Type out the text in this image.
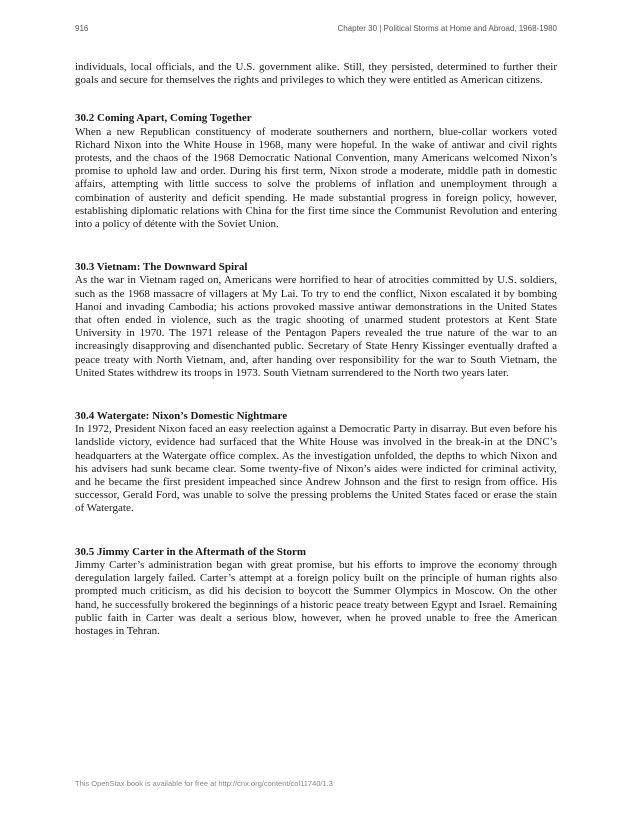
916	Chapter 30 | Political Storms at Home and Abroad, 1968-1980

individuals, local officials, and the U.S. government alike. Still, they persisted, determined to further their goals and secure for themselves the rights and privileges to which they were entitled as American citizens.

30.2 Coming Apart, Coming Together

When a new Republican constituency of moderate southerners and northern, blue-collar workers voted Richard Nixon into the White House in 1968, many were hopeful. In the wake of antiwar and civil rights protests, and the chaos of the 1968 Democratic National Convention, many Americans welcomed Nixon’s promise to uphold law and order. During his first term, Nixon strode a moderate, middle path in domestic affairs, attempting with little success to solve the problems of inflation and unemployment through a combination of austerity and deficit spending. He made substantial progress in foreign policy, however, establishing diplomatic relations with China for the first time since the Communist Revolution and entering into a policy of détente with the Soviet Union.

30.3 Vietnam: The Downward Spiral

As the war in Vietnam raged on, Americans were horrified to hear of atrocities committed by U.S. soldiers, such as the 1968 massacre of villagers at My Lai. To try to end the conflict, Nixon escalated it by bombing Hanoi and invading Cambodia; his actions provoked massive antiwar demonstrations in the United States that often ended in violence, such as the tragic shooting of unarmed student protestors at Kent State University in 1970. The 1971 release of the Pentagon Papers revealed the true nature of the war to an increasingly disapproving and disenchanted public. Secretary of State Henry Kissinger eventually drafted a peace treaty with North Vietnam, and, after handing over responsibility for the war to South Vietnam, the United States withdrew its troops in 1973. South Vietnam surrendered to the North two years later.

30.4 Watergate: Nixon’s Domestic Nightmare

In 1972, President Nixon faced an easy reelection against a Democratic Party in disarray. But even before his landslide victory, evidence had surfaced that the White House was involved in the break-in at the DNC’s headquarters at the Watergate office complex. As the investigation unfolded, the depths to which Nixon and his advisers had sunk became clear. Some twenty-five of Nixon’s aides were indicted for criminal activity, and he became the first president impeached since Andrew Johnson and the first to resign from office. His successor, Gerald Ford, was unable to solve the pressing problems the United States faced or erase the stain of Watergate.

30.5 Jimmy Carter in the Aftermath of the Storm

Jimmy Carter’s administration began with great promise, but his efforts to improve the economy through deregulation largely failed. Carter’s attempt at a foreign policy built on the principle of human rights also prompted much criticism, as did his decision to boycott the Summer Olympics in Moscow. On the other hand, he successfully brokered the beginnings of a historic peace treaty between Egypt and Israel. Remaining public faith in Carter was dealt a serious blow, however, when he proved unable to free the American hostages in Tehran.

This OpenStax book is available for free at http://cnx.org/content/col11740/1.3
